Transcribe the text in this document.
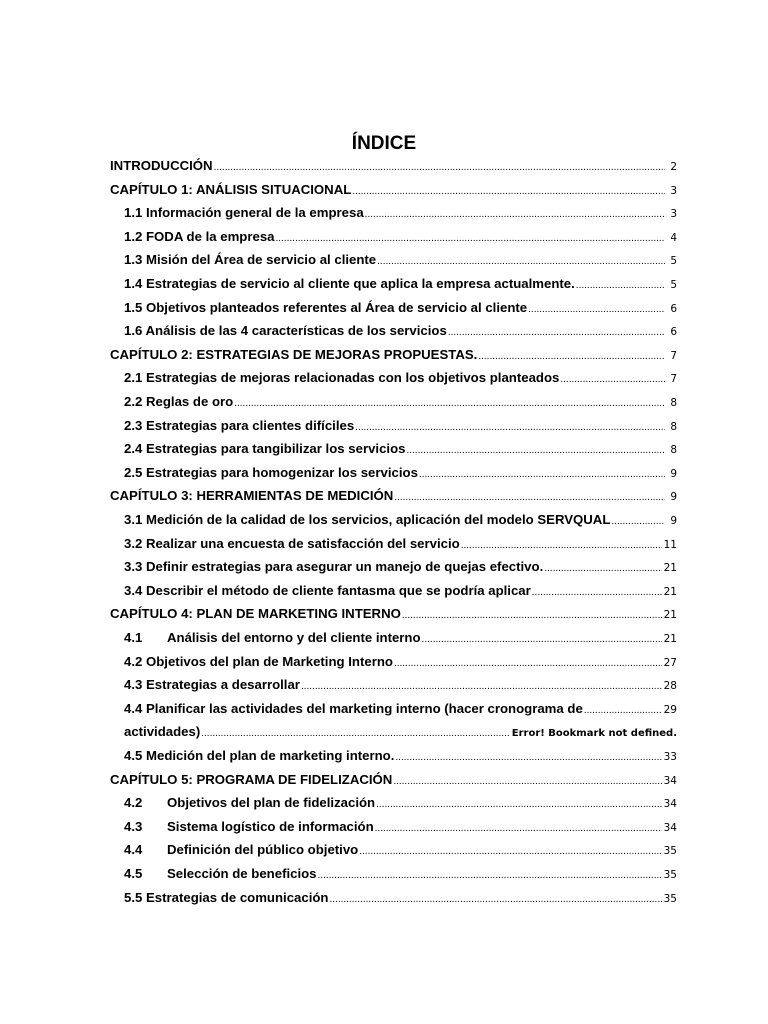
ÍNDICE
INTRODUCCIÓN .....	2
CAPÍTULO 1: ANÁLISIS SITUACIONAL .....	3
1.1 Información general de la empresa .....	3
1.2 FODA de la empresa .....	4
1.3 Misión del Área de servicio al cliente .....	5
1.4 Estrategias de servicio al cliente que aplica la empresa actualmente. .....	5
1.5 Objetivos planteados referentes al Área de servicio al cliente .....	6
1.6 Análisis de las 4 características de los servicios .....	6
CAPÍTULO 2: ESTRATEGIAS DE MEJORAS PROPUESTAS. .....	7
2.1 Estrategias de mejoras relacionadas con los objetivos planteados .....	7
2.2 Reglas de oro .....	8
2.3 Estrategias para clientes difíciles .....	8
2.4 Estrategias para tangibilizar los servicios .....	8
2.5 Estrategias para homogenizar los servicios .....	9
CAPÍTULO 3: HERRAMIENTAS DE MEDICIÓN .....	9
3.1 Medición de la calidad de los servicios, aplicación del modelo SERVQUAL .....	9
3.2 Realizar una encuesta de satisfacción del servicio .....	11
3.3 Definir estrategias para asegurar un manejo de quejas efectivo. .....	21
3.4 Describir el método de cliente fantasma que se podría aplicar .....	21
CAPÍTULO 4: PLAN DE MARKETING INTERNO .....	21
4.1	Análisis del entorno y del cliente interno .....	21
4.2 Objetivos del plan de Marketing Interno .....	27
4.3 Estrategias a desarrollar .....	28
4.4 Planificar las actividades del marketing interno (hacer cronograma de .....	29
actividades) .....	Error! Bookmark not defined.
4.5 Medición del plan de marketing interno. .....	33
CAPÍTULO 5: PROGRAMA DE FIDELIZACIÓN .....	34
4.2	Objetivos del plan de fidelización .....	34
4.3	Sistema logístico de información .....	34
4.4	Definición del público objetivo .....	35
4.5	Selección de beneficios .....	35
5.5 Estrategias de comunicación .....	35
